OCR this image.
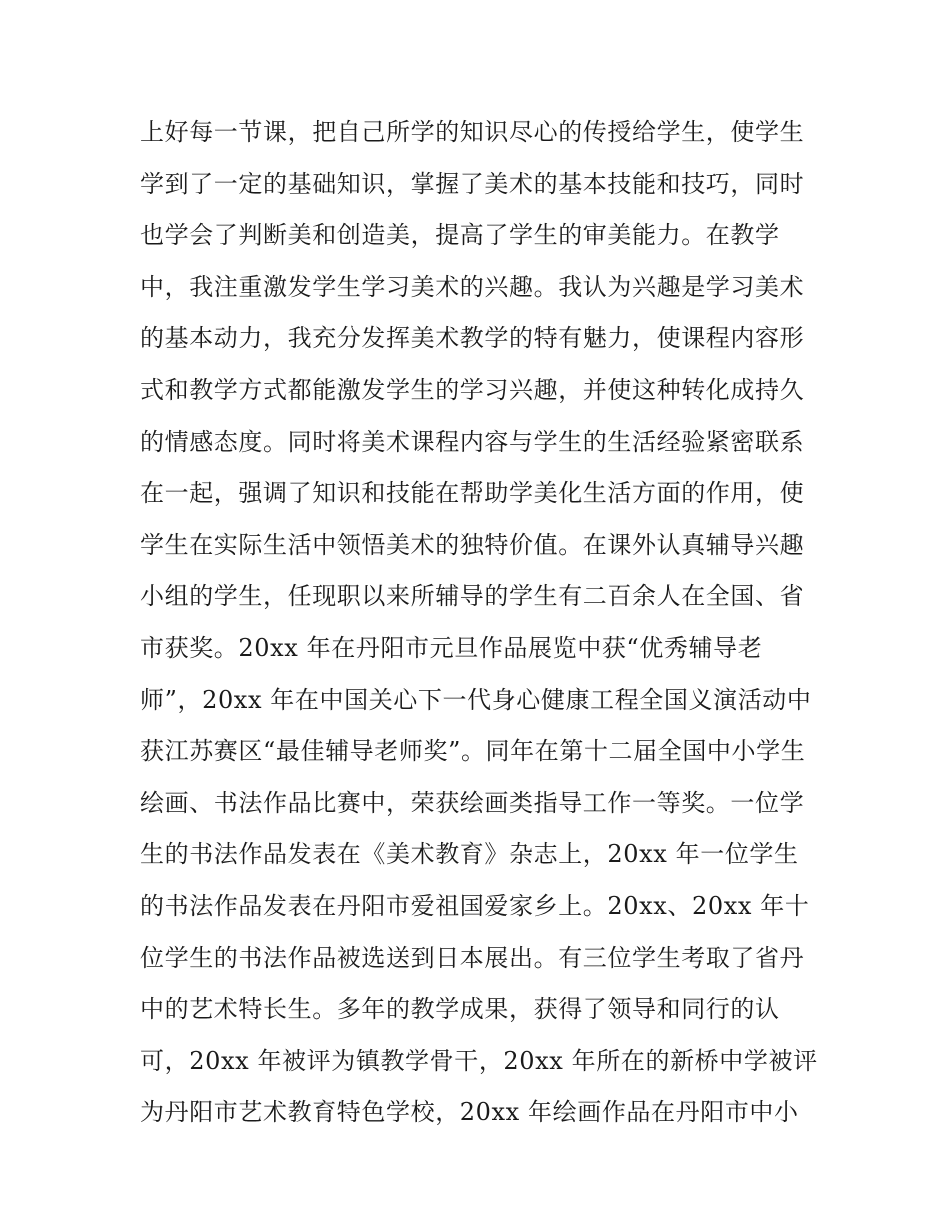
上好每一节课，把自己所学的知识尽心的传授给学生，使学生
学到了一定的基础知识，掌握了美术的基本技能和技巧，同时
也学会了判断美和创造美，提高了学生的审美能力。在教学
中，我注重激发学生学习美术的兴趣。我认为兴趣是学习美术
的基本动力，我充分发挥美术教学的特有魅力，使课程内容形
式和教学方式都能激发学生的学习兴趣，并使这种转化成持久
的情感态度。同时将美术课程内容与学生的生活经验紧密联系
在一起，强调了知识和技能在帮助学美化生活方面的作用，使
学生在实际生活中领悟美术的独特价值。在课外认真辅导兴趣
小组的学生，任现职以来所辅导的学生有二百余人在全国、省
市获奖。20xx 年在丹阳市元旦作品展览中获“优秀辅导老
师”，20xx 年在中国关心下一代身心健康工程全国义演活动中
获江苏赛区“最佳辅导老师奖”。同年在第十二届全国中小学生
绘画、书法作品比赛中，荣获绘画类指导工作一等奖。一位学
生的书法作品发表在《美术教育》杂志上，20xx 年一位学生
的书法作品发表在丹阳市爱祖国爱家乡上。20xx、20xx 年十
位学生的书法作品被选送到日本展出。有三位学生考取了省丹
中的艺术特长生。多年的教学成果，获得了领导和同行的认
可，20xx 年被评为镇教学骨干，20xx 年所在的新桥中学被评
为丹阳市艺术教育特色学校，20xx 年绘画作品在丹阳市中小
